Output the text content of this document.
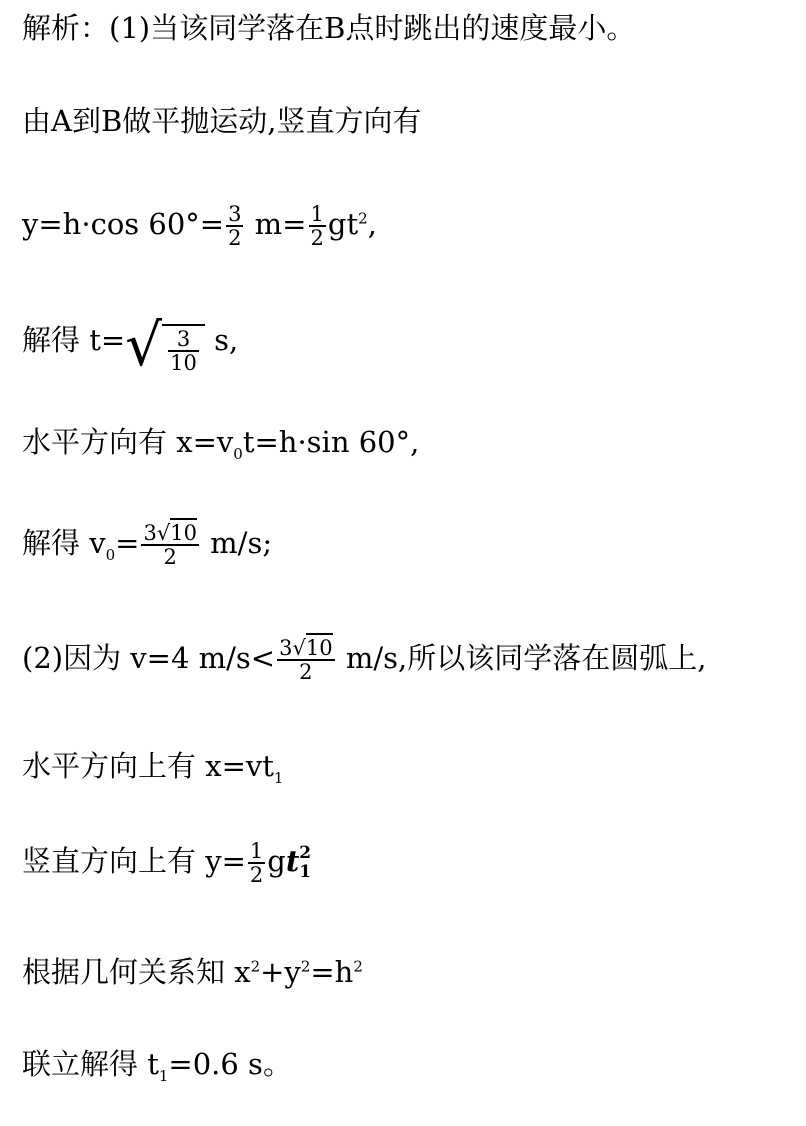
解析：(1)当该同学落在B点时跳出的速度最小。
由A到B做平抛运动,竖直方向有
y=h·cos $60^\circ= \frac{3}{2} m= \frac{1}{2} gt^2$,
解得 $t=√ \frac{3}{10} s$,
水平方向有 $x=v_0t=h\cdot\sin$ 60°,
解得 $v_0= \frac{3√10}{2} m/s$;
(2)因为 v=4 $m/s< \frac{3√10}{2} m/s$,所以该同学落在圆弧上,
水平方向上有 $x=vt_1$
竖直方向上有 $y= \frac{1}{2}$ gt 2
1
根据几何关系知 $x^2+y^2=h^2$
联立解得 $t_1=0.6$ s。
